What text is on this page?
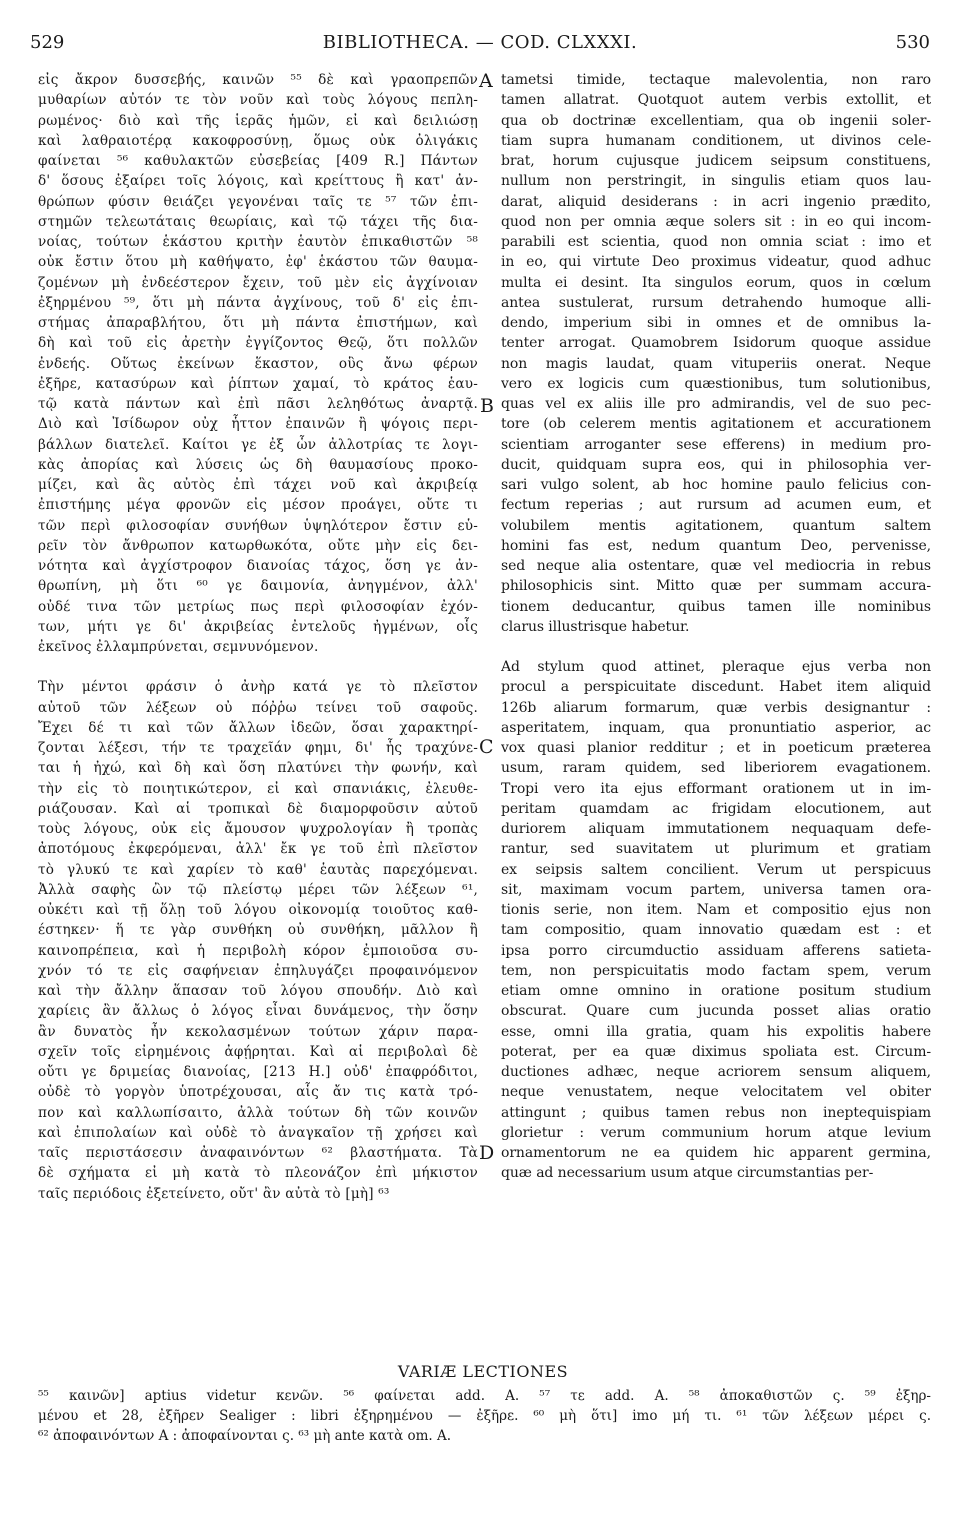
529	BIBLIOTHECA. — COD. CLXXXI.	530
εἰς ἄκρον δυσσεβής, καινῶν ⁵⁵ δὲ καὶ γραοπρεπῶν
μυθαρίων αὐτόν τε τὸν νοῦν καὶ τοὺς λόγους πεπλη-
ρωμένος· διὸ καὶ τῆς ἱερᾶς ἡμῶν, εἰ καὶ δειλιώσῃ
καὶ λαθραιοτέρᾳ κακοφροσύνῃ, ὅμως οὐκ ὀλιγάκις
φαίνεται ⁵⁶ καθυλακτῶν εὐσεβείας [409 R.] Πάντων
δ' ὅσους ἐξαίρει τοῖς λόγοις, καὶ κρείττους ἢ κατ' ἀν-
θρώπων φύσιν θειάζει γεγονέναι ταῖς τε ⁵⁷ τῶν ἐπι-
στημῶν τελεωτάταις θεωρίαις, καὶ τῷ τάχει τῆς δια-
νοίας, τούτων ἑκάστου κριτὴν ἑαυτὸν ἐπικαθιστῶν ⁵⁸
οὐκ ἔστιν ὅτου μὴ καθήψατο, ἐφ' ἑκάστου τῶν θαυμα-
ζομένων μὴ ἐνδεέστερον ἔχειν, τοῦ μὲν εἰς ἀγχίνοιαν
ἐξηρμένου ⁵⁹, ὅτι μὴ πάντα ἀγχίνους, τοῦ δ' εἰς ἐπι-
στήμας ἀπαραβλήτου, ὅτι μὴ πάντα ἐπιστήμων, καὶ
δὴ καὶ τοῦ εἰς ἀρετὴν ἐγγίζοντος Θεῷ, ὅτι πολλῶν
ἐνδεής. Οὕτως ἐκείνων ἕκαστον, οὓς ἄνω φέρων
ἐξῆρε, κατασύρων καὶ ῥίπτων χαμαί, τὸ κράτος ἑαυ-
τῷ κατὰ πάντων καὶ ἐπὶ πᾶσι λεληθότως ἀναρτᾷ.
Διὸ καὶ Ἰσίδωρον οὐχ ἧττον ἐπαινῶν ἢ ψόγοις περι-
βάλλων διατελεῖ. Καίτοι γε ἐξ ὧν ἀλλοτρίας τε λογι-
κὰς ἀπορίας καὶ λύσεις ὡς δὴ θαυμασίους προκο-
μίζει, καὶ ἃς αὐτὸς ἐπὶ τάχει νοῦ καὶ ἀκριβείᾳ
ἐπιστήμης μέγα φρονῶν εἰς μέσον προάγει, οὔτε τι
τῶν περὶ φιλοσοφίαν συνήθων ὑψηλότερον ἔστιν εὑ-
ρεῖν τὸν ἄνθρωπον κατωρθωκότα, οὔτε μὴν εἰς δει-
νότητα καὶ ἀγχίστροφον διανοίας τάχος, ὅση γε ἀν-
θρωπίνη, μὴ ὅτι ⁶⁰ γε δαιμονία, ἀνηγμένον, ἀλλ'
οὐδέ τινα τῶν μετρίως πως περὶ φιλοσοφίαν ἐχόν-
των, μήτι γε δι' ἀκριβείας ἐντελοῦς ἠγμένων, οἷς
ἐκεῖνος ἐλλαμπρύνεται, σεμνυνόμενον.
Τὴν μέντοι φράσιν ὁ ἀνὴρ κατά γε τὸ πλεῖστον
αὐτοῦ τῶν λέξεων οὐ πόῤῥω τείνει τοῦ σαφοῦς.
Ἔχει δέ τι καὶ τῶν ἄλλων ἰδεῶν, ὅσαι χαρακτηρί-
ζονται λέξεσι, τήν τε τραχεῖάν φημι, δι' ἧς τραχύνε-
ται ἡ ἠχώ, καὶ δὴ καὶ ὅση πλατύνει τὴν φωνήν, καὶ
τὴν εἰς τὸ ποιητικώτερον, εἰ καὶ σπανιάκις, ἐλευθε-
ριάζουσαν. Καὶ αἱ τροπικαὶ δὲ διαμορφοῦσιν αὐτοῦ
τοὺς λόγους, οὐκ εἰς ἄμουσον ψυχρολογίαν ἢ τροπὰς
ἀποτόμους ἐκφερόμεναι, ἀλλ' ἔκ γε τοῦ ἐπὶ πλεῖστον
τὸ γλυκύ τε καὶ χαρίεν τὸ καθ' ἑαυτὰς παρεχόμεναι.
Ἀλλὰ σαφὴς ὢν τῷ πλείστῳ μέρει τῶν λέξεων ⁶¹,
οὐκέτι καὶ τῇ ὅλῃ τοῦ λόγου οἰκονομίᾳ τοιοῦτος καθ-
έστηκεν· ἥ τε γὰρ συνθήκη οὐ συνθήκη, μᾶλλον ἢ
καινοπρέπεια, καὶ ἡ περιβολὴ κόρον ἐμποιοῦσα συ-
χνόν τό τε εἰς σαφήνειαν ἐπηλυγάζει προφαινόμενον
καὶ τὴν ἄλλην ἅπασαν τοῦ λόγου σπουδήν. Διὸ καὶ
χαρίεις ἂν ἄλλως ὁ λόγος εἶναι δυνάμενος, τὴν ὅσην
ἂν δυνατὸς ἦν κεκολασμένων τούτων χάριν παρα-
σχεῖν τοῖς εἰρημένοις ἀφῄρηται. Καὶ αἱ περιβολαὶ δὲ
οὔτι γε δριμείας διανοίας, [213 H.] οὐδ' ἐπαφρόδιτοι,
οὐδὲ τὸ γοργὸν ὑποτρέχουσαι, αἷς ἄν τις κατὰ τρό-
πον καὶ καλλωπίσαιτο, ἀλλὰ τούτων δὴ τῶν κοινῶν
καὶ ἐπιπολαίων καὶ οὐδὲ τὸ ἀναγκαῖον τῇ χρήσει καὶ
ταῖς περιστάσεσιν ἀναφαινόντων ⁶² βλαστήματα. Τὰ
δὲ σχήματα εἰ μὴ κατὰ τὸ πλεονάζον ἐπὶ μήκιστον
ταῖς περιόδοις ἐξετείνετο, οὔτ' ἂν αὐτὰ τὸ [μὴ] ⁶³
tametsi timide, tectaque malevolentia, non raro
tamen allatrat. Quotquot autem verbis extollit, et
qua ob doctrinæ excellentiam, qua ob ingenii soler-
tiam supra humanam conditionem, ut divinos cele-
brat, horum cujusque judicem seipsum constituens,
nullum non perstringit, in singulis etiam quos lau-
darat, aliquid desiderans : in acri ingenio prædito,
quod non per omnia æque solers sit : in eo qui incom-
parabili est scientia, quod non omnia sciat : imo et
in eo, qui virtute Deo proximus videatur, quod adhuc
multa ei desint. Ita singulos eorum, quos in cœlum
antea sustulerat, rursum detrahendo humoque alli-
dendo, imperium sibi in omnes et de omnibus la-
tenter arrogat. Quamobrem Isidorum quoque assidue
non magis laudat, quam vituperiis onerat. Neque
vero ex logicis cum quæstionibus, tum solutionibus,
quas vel ex aliis ille pro admirandis, vel de suo pec-
tore (ob celerem mentis agitationem et accurationem
scientiam arroganter sese efferens) in medium pro-
ducit, quidquam supra eos, qui in philosophia ver-
sari vulgo solent, ab hoc homine paulo felicius con-
fectum reperias ; aut rursum ad acumen eum, et
volubilem mentis agitationem, quantum saltem
homini fas est, nedum quantum Deo, pervenisse,
sed neque alia ostentare, quæ vel mediocria in rebus
philosophicis sint. Mitto quæ per summam accura-
tionem deducantur, quibus tamen ille nominibus
clarus illustrisque habetur.
Ad stylum quod attinet, pleraque ejus verba non
procul a perspicuitate discedunt. Habet item aliquid
126b aliarum formarum, quæ verbis designantur :
asperitatem, inquam, qua pronuntiatio asperior, ac
vox quasi planior redditur ; et in poeticum præterea
usum, raram quidem, sed liberiorem evagationem.
Tropi vero ita ejus efformant orationem ut in im-
peritam quamdam ac frigidam elocutionem, aut
duriorem aliquam immutationem nequaquam defe-
rantur, sed suavitatem ut plurimum et gratiam
ex seipsis saltem concilient. Verum ut perspicuus
sit, maximam vocum partem, universa tamen ora-
tionis serie, non item. Nam et compositio ejus non
tam compositio, quam innovatio quædam est : et
ipsa porro circumductio assiduam afferens satieta-
tem, non perspicuitatis modo factam spem, verum
etiam omne omnino in oratione positum studium
obscurat. Quare cum jucunda posset alias oratio
esse, omni illa gratia, quam his expolitis habere
poterat, per ea quæ diximus spoliata est. Circum-
ductiones adhæc, neque acriorem sensum aliquem,
neque venustatem, neque velocitatem vel obiter
attingunt ; quibus tamen rebus non ineptequispiam
glorietur : verum communium horum atque levium
ornamentorum ne ea quidem hic apparent germina,
quæ ad necessarium usum atque circumstantias per-
A
B
C
D
VARIÆ LECTIONES
⁵⁵ καινῶν] aptius videtur κενῶν. ⁵⁶ φαίνεται add. A. ⁵⁷ τε add. A. ⁵⁸ ἀποκαθιστῶν ς. ⁵⁹ ἐξηρ-
μένου et 28, ἐξῆρεν Sealiger : libri ἐξηρημένου — ἐξῆρε. ⁶⁰ μὴ ὅτι] imo μή τι. ⁶¹ τῶν λέξεων μέρει ς.
⁶² ἀποφαινόντων A : ἀποφαίνονται ς. ⁶³ μὴ ante κατὰ om. A.
